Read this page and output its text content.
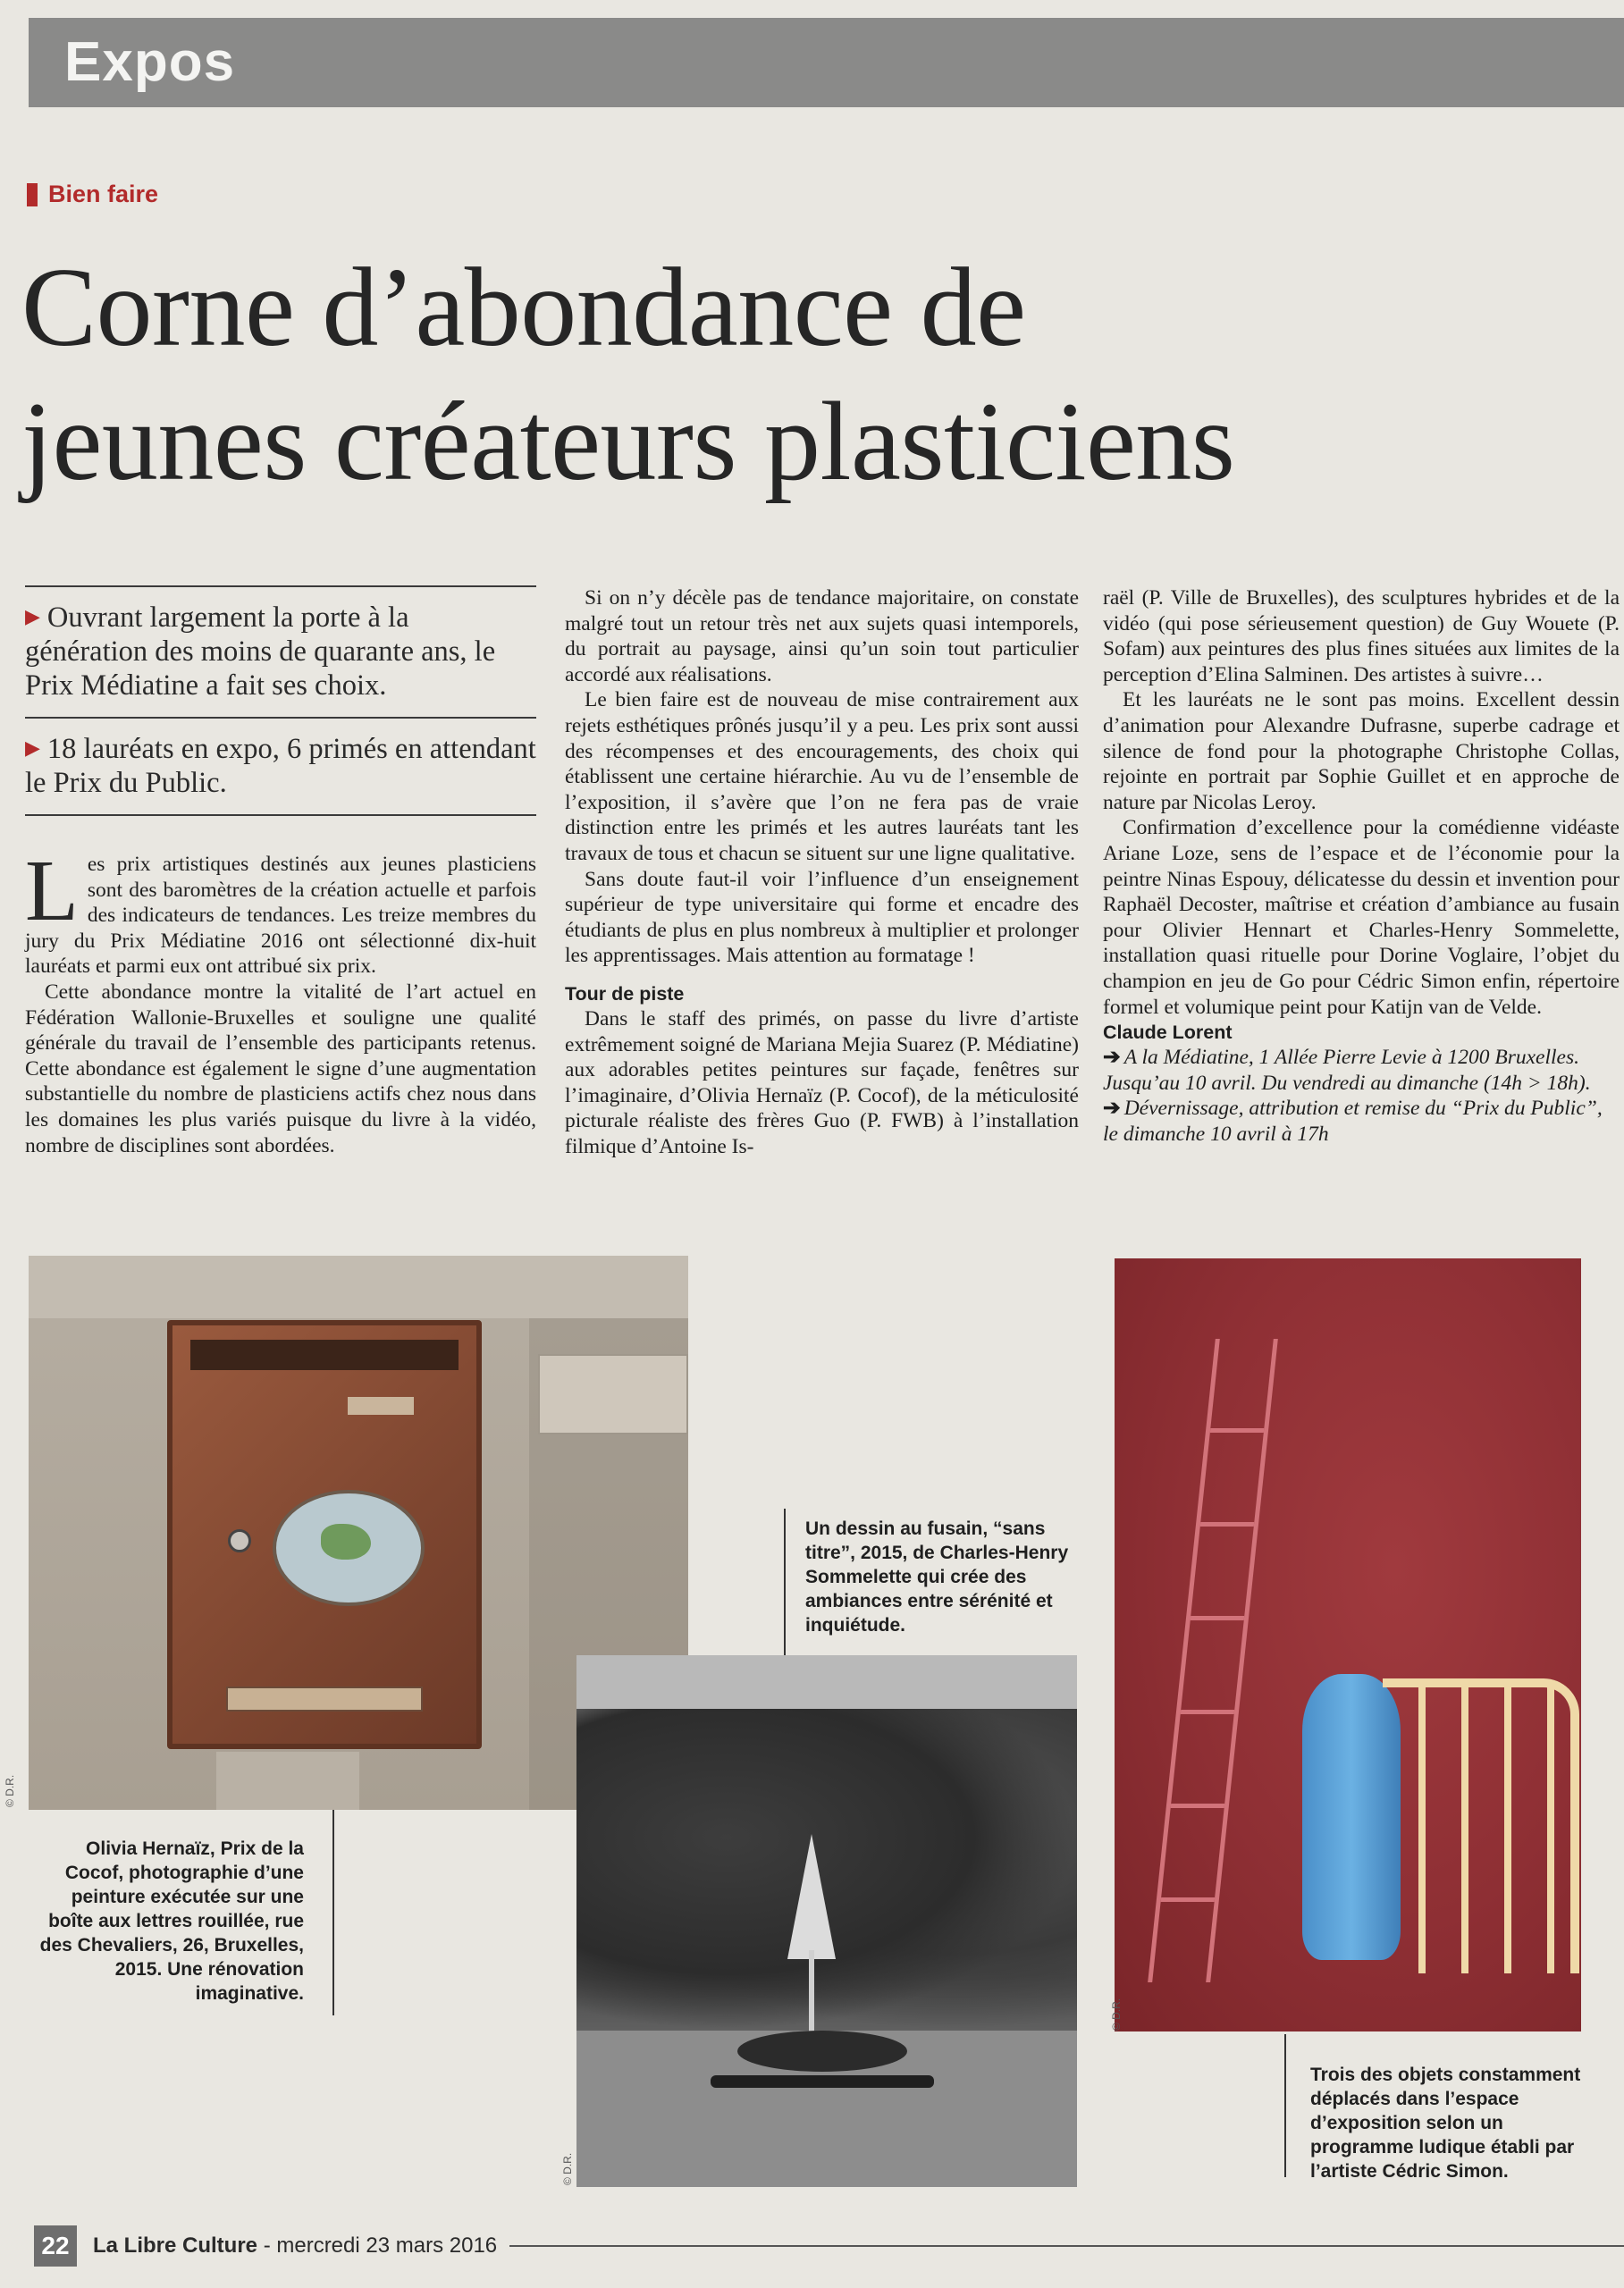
Expos
Bien faire
Corne d’abondance de
jeunes créateurs plasticiens
▶ Ouvrant largement la porte à la génération des moins de quarante ans, le Prix Médiatine a fait ses choix.
▶ 18 lauréats en expo, 6 primés en attendant le Prix du Public.

Les prix artistiques destinés aux jeunes plasticiens sont des baromètres de la création actuelle et parfois des indicateurs de tendances. Les treize membres du jury du Prix Médiatine 2016 ont sélectionné dix-huit lauréats et parmi eux ont attribué six prix.

Cette abondance montre la vitalité de l’art actuel en Fédération Wallonie-Bruxelles et souligne une qualité générale du travail de l’ensemble des participants retenus. Cette abondance est également le signe d’une augmentation substantielle du nombre de plasticiens actifs chez nous dans les domaines les plus variés puisque du livre à la vidéo, nombre de disciplines sont abordées.

Si on n’y décèle pas de tendance majoritaire, on constate malgré tout un retour très net aux sujets quasi intemporels, du portrait au paysage, ainsi qu’un soin tout particulier accordé aux réalisations.

Le bien faire est de nouveau de mise contrairement aux rejets esthétiques prônés jusqu’il y a peu. Les prix sont aussi des récompenses et des encouragements, des choix qui établissent une certaine hiérarchie. Au vu de l’ensemble de l’exposition, il s’avère que l’on ne fera pas de vraie distinction entre les primés et les autres lauréats tant les travaux de tous et chacun se situent sur une ligne qualitative.

Sans doute faut-il voir l’influence d’un enseignement supérieur de type universitaire qui forme et encadre des étudiants de plus en plus nombreux à multiplier et prolonger les apprentissages. Mais attention au formatage !

Tour de piste

Dans le staff des primés, on passe du livre d’artiste extrêmement soigné de Mariana Mejia Suarez (P. Médiatine) aux adorables petites peintures sur façade, fenêtres sur l’imaginaire, d’Olivia Hernaïz (P. Cocof), de la méticulosité picturale réaliste des frères Guo (P. FWB) à l’installation filmique d’Antoine Is-

raël (P. Ville de Bruxelles), des sculptures hybrides et de la vidéo (qui pose sérieusement question) de Guy Wouete (P. Sofam) aux peintures des plus fines situées aux limites de la perception d’Elina Salminen. Des artistes à suivre…

Et les lauréats ne le sont pas moins. Excellent dessin d’animation pour Alexandre Dufrasne, superbe cadrage et silence de fond pour la photographe Christophe Collas, rejointe en portrait par Sophie Guillet et en approche de nature par Nicolas Leroy.

Confirmation d’excellence pour la comédienne vidéaste Ariane Loze, sens de l’espace et de l’économie pour la peintre Ninas Espouy, délicatesse du dessin et invention pour Raphaël Decoster, maîtrise et création d’ambiance au fusain pour Olivier Hennart et Charles-Henry Sommelette, installation quasi rituelle pour Dorine Voglaire, l’objet du champion en jeu de Go pour Cédric Simon enfin, répertoire formel et volumique peint pour Katijn van de Velde.

Claude Lorent

➔ A la Médiatine, 1 Allée Pierre Levie à 1200 Bruxelles. Jusqu’au 10 avril. Du vendredi au dimanche (14h > 18h).

➔ Dévernissage, attribution et remise du “Prix du Public”, le dimanche 10 avril à 17h

© D.R.
Olivia Hernaïz, Prix de la Cocof, photographie d’une peinture exécutée sur une boîte aux lettres rouillée, rue des Chevaliers, 26, Bruxelles, 2015. Une rénovation imaginative.
Un dessin au fusain, “sans titre”, 2015, de Charles-Henry Sommelette qui crée des ambiances entre sérénité et inquiétude.
© D.R.
© D.R.
Trois des objets constamment déplacés dans l’espace d’exposition selon un programme ludique établi par l’artiste Cédric Simon.
22	La Libre Culture - mercredi 23 mars 2016
